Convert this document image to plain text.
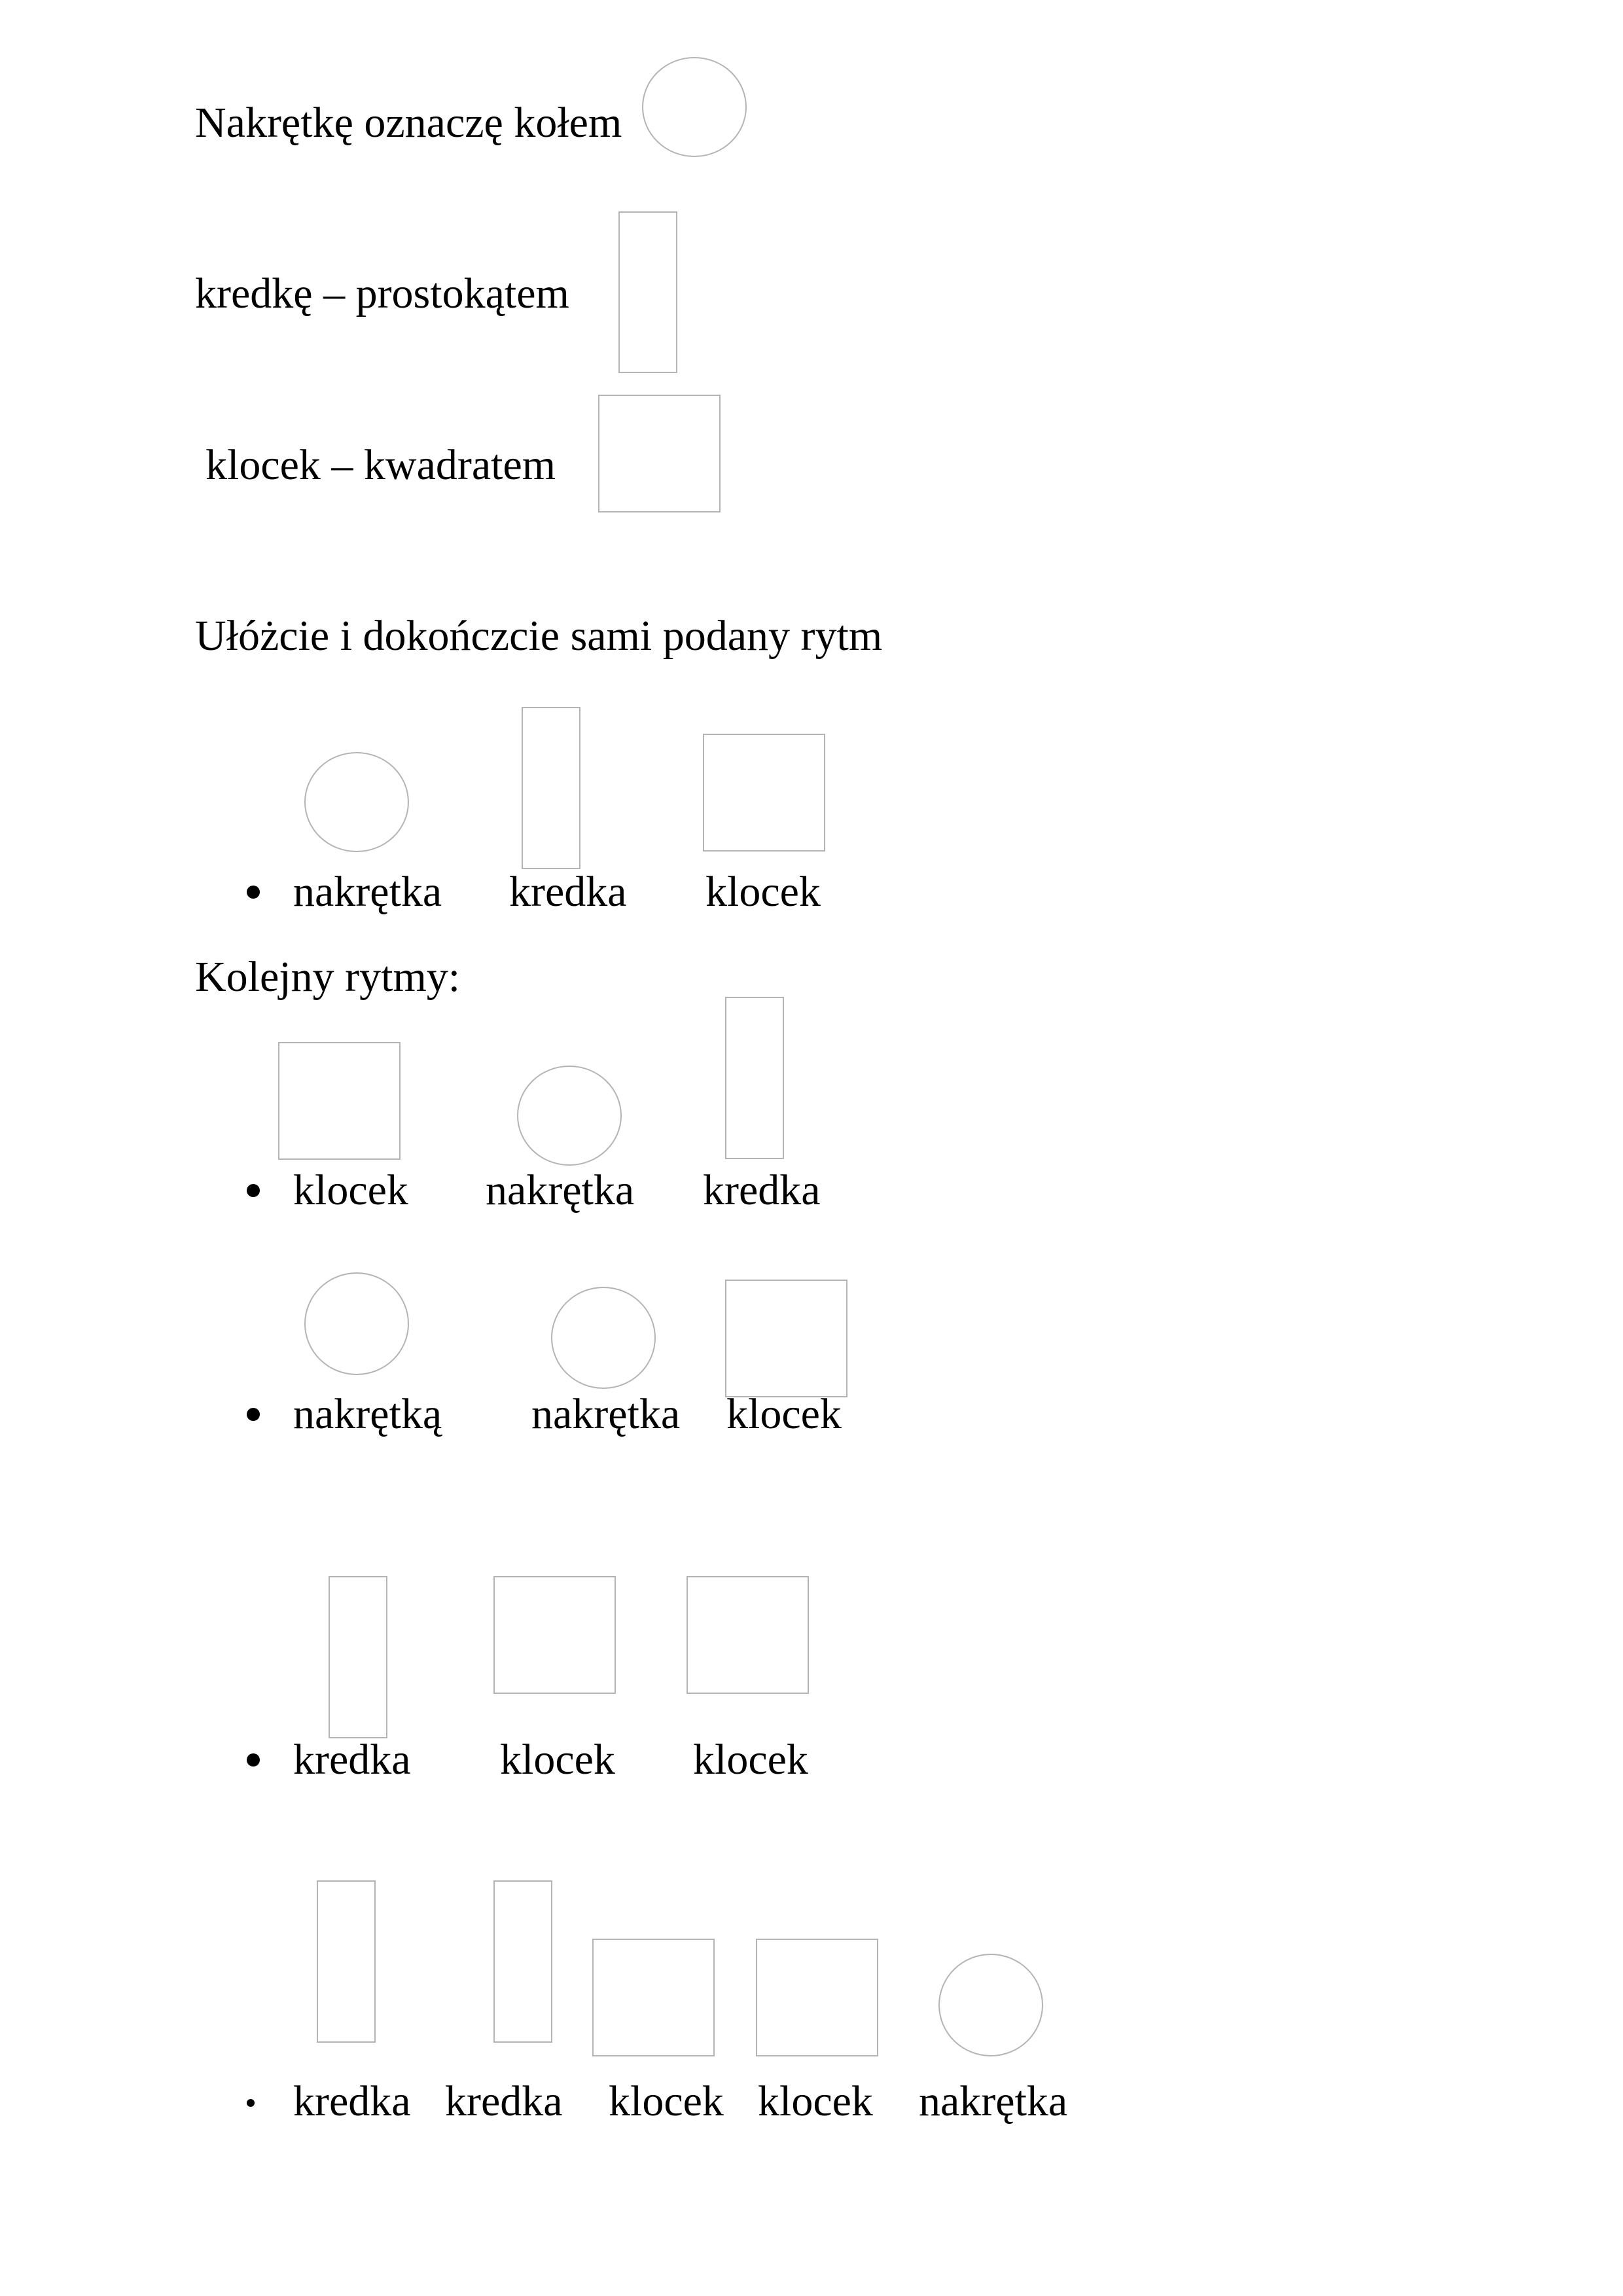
Nakrętkę oznaczę kołem
kredkę – prostokątem
klocek – kwadratem
Ułóżcie i dokończcie sami podany rytm
nakrętka kredka klocek
Kolejny rytmy:
klocek nakrętka kredka
nakrętką nakrętka klocek
kredka klocek klocek
kredka kredka klocek klocek nakrętka
